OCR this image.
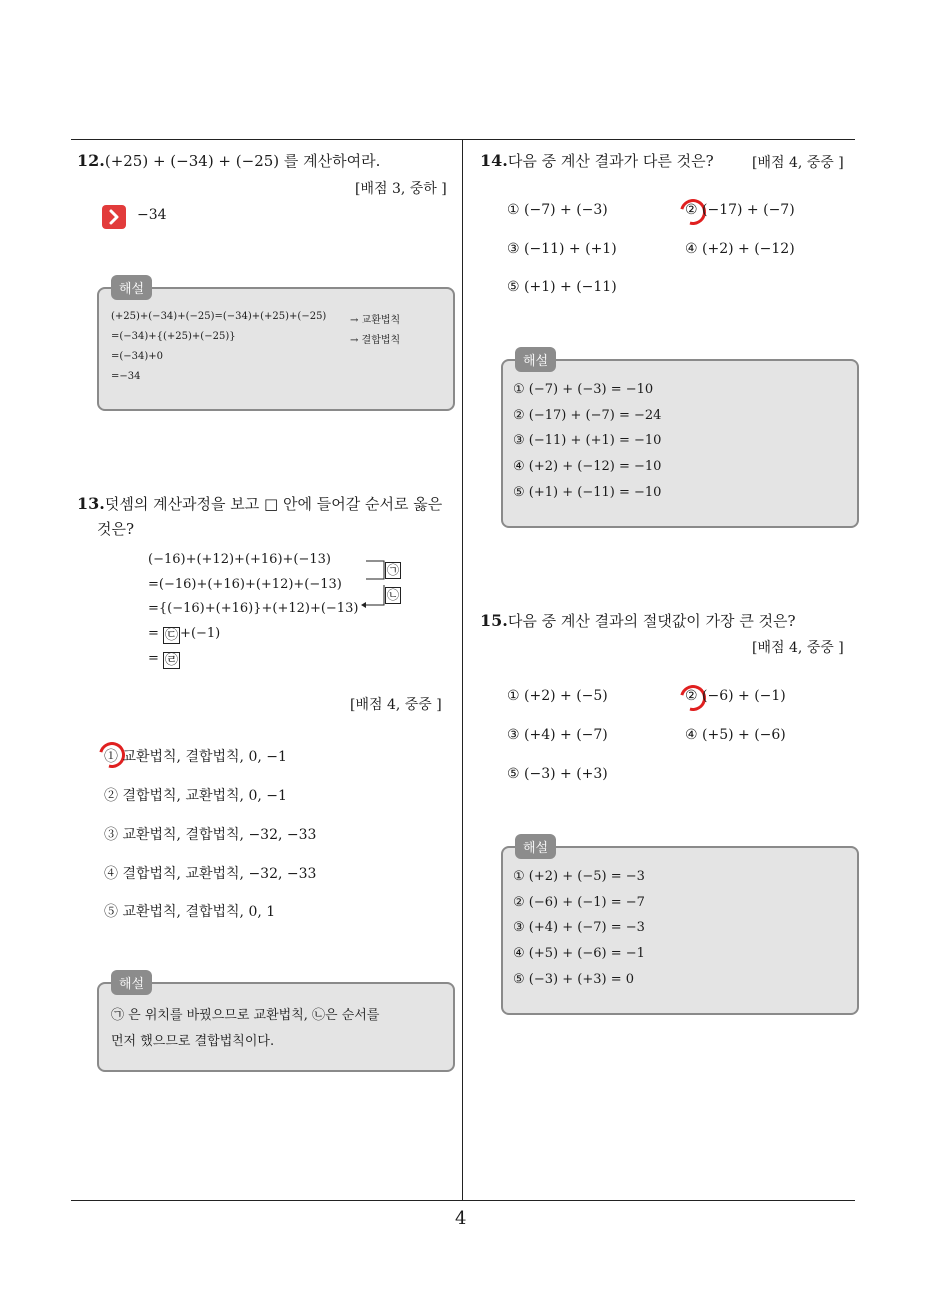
4
12.(+25) + (−34) + (−25) 를 계산하여라.
[배점 3, 중하 ]
−34
해설
(+25)+(−34)+(−25)=(−34)+(+25)+(−25)
=(−34)+{(+25)+(−25)}
=(−34)+0
=−34
→ 교환법칙
→ 결합법칙
13.덧셈의 계산과정을 보고 □ 안에 들어갈 순서로 옳은
것은?
(−16)+(+12)+(+16)+(−13)
=(−16)+(+16)+(+12)+(−13)
={(−16)+(+16)}+(+12)+(−13)
= ㉢ +(−1)
= ㉣
㉠
㉡
[배점 4, 중중 ]
① 교환법칙, 결합법칙, 0, −1
② 결합법칙, 교환법칙, 0, −1
③ 교환법칙, 결합법칙, −32, −33
④ 결합법칙, 교환법칙, −32, −33
⑤ 교환법칙, 결합법칙, 0, 1
해설
㉠ 은 위치를 바꿨으므로 교환법칙, ㉡은 순서를
먼저 했으므로 결합법칙이다.
14.다음 중 계산 결과가 다른 것은?	[배점 4, 중중 ]
① (−7) + (−3)	② (−17) + (−7)
③ (−11) + (+1)	④ (+2) + (−12)
⑤ (+1) + (−11)
해설
① (−7) + (−3) = −10
② (−17) + (−7) = −24
③ (−11) + (+1) = −10
④ (+2) + (−12) = −10
⑤ (+1) + (−11) = −10
15.다음 중 계산 결과의 절댓값이 가장 큰 것은?
[배점 4, 중중 ]
① (+2) + (−5)	② (−6) + (−1)
③ (+4) + (−7)	④ (+5) + (−6)
⑤ (−3) + (+3)
해설
① (+2) + (−5) = −3
② (−6) + (−1) = −7
③ (+4) + (−7) = −3
④ (+5) + (−6) = −1
⑤ (−3) + (+3) = 0
